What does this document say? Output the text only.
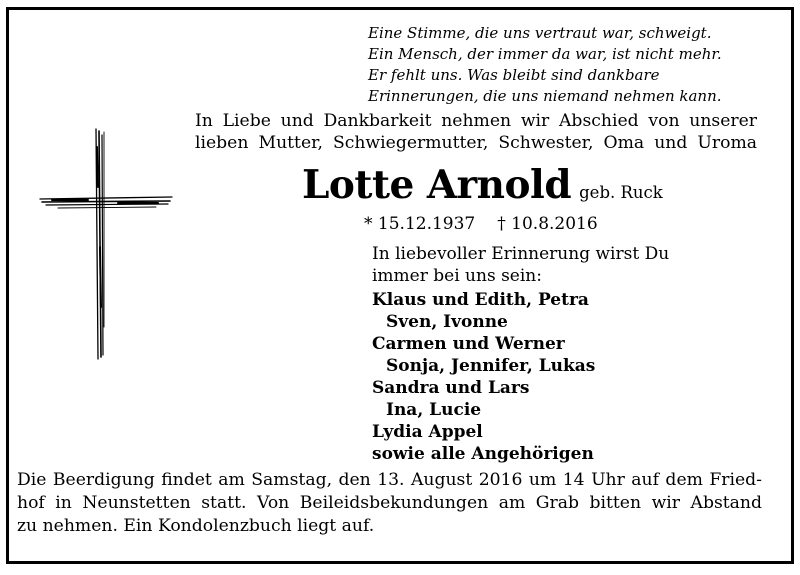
Eine Stimme, die uns vertraut war, schweigt.
Ein Mensch, der immer da war, ist nicht mehr.
Er fehlt uns. Was bleibt sind dankbare
Erinnerungen, die uns niemand nehmen kann.
In Liebe und Dankbarkeit nehmen wir Abschied von unserer
lieben Mutter, Schwiegermutter, Schwester, Oma und Uroma
Lotte Arnold geb. Ruck
* 15.12.1937 † 10.8.2016
In liebevoller Erinnerung wirst Du
immer bei uns sein:
Klaus und Edith, Petra
Sven, Ivonne
Carmen und Werner
Sonja, Jennifer, Lukas
Sandra und Lars
Ina, Lucie
Lydia Appel
sowie alle Angehörigen
Die Beerdigung findet am Samstag, den 13. August 2016 um 14 Uhr auf dem Fried-
hof in Neunstetten statt. Von Beileidsbekundungen am Grab bitten wir Abstand
zu nehmen. Ein Kondolenzbuch liegt auf.
